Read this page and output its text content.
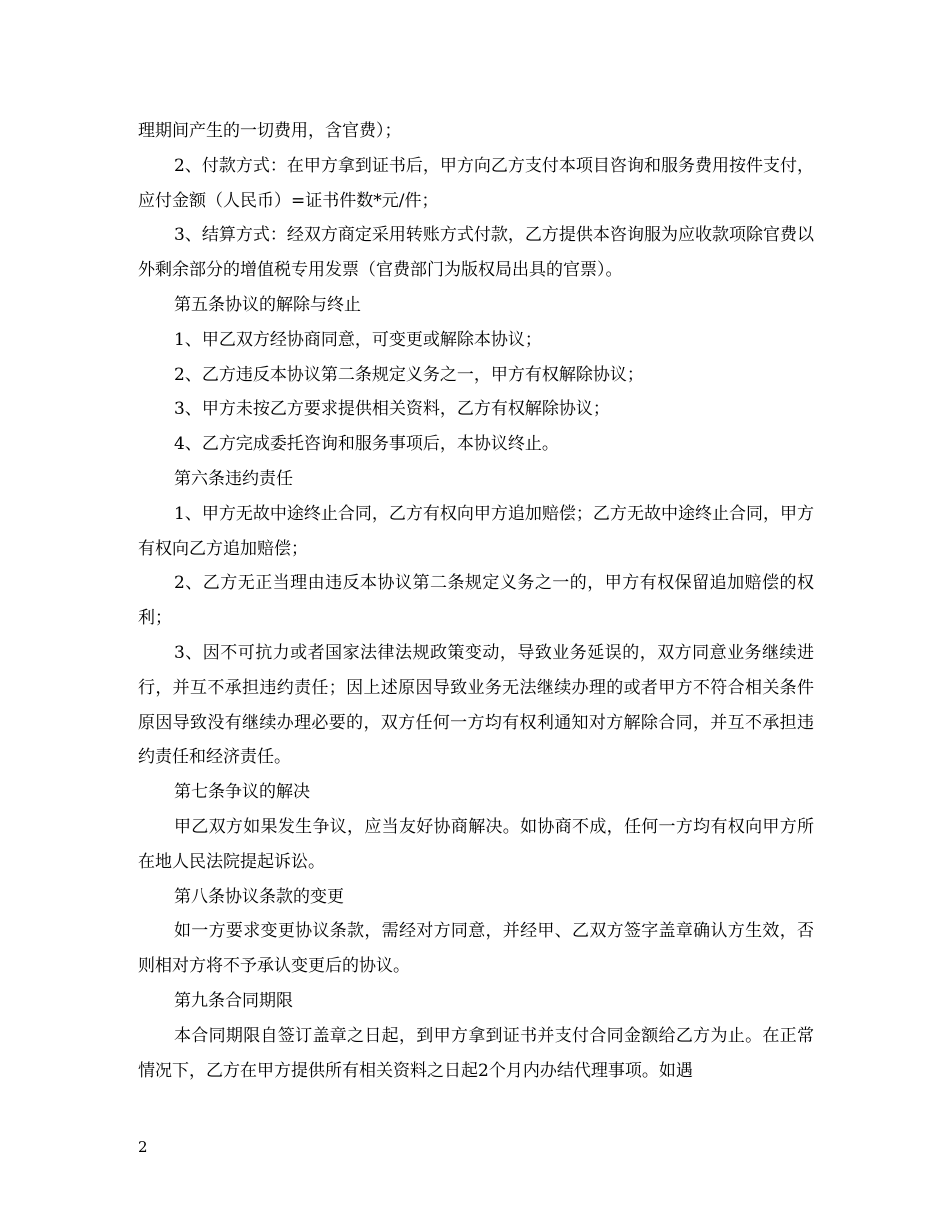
理期间产生的一切费用，含官费）；

2、付款方式：在甲方拿到证书后，甲方向乙方支付本项目咨询和服务费用按件支付，应付金额（人民币）=证书件数*元/件；

3、结算方式：经双方商定采用转账方式付款，乙方提供本咨询服为应收款项除官费以外剩余部分的增值税专用发票（官费部门为版权局出具的官票）。

第五条协议的解除与终止

1、甲乙双方经协商同意，可变更或解除本协议；

2、乙方违反本协议第二条规定义务之一，甲方有权解除协议；

3、甲方未按乙方要求提供相关资料，乙方有权解除协议；

4、乙方完成委托咨询和服务事项后，本协议终止。

第六条违约责任

1、甲方无故中途终止合同，乙方有权向甲方追加赔偿；乙方无故中途终止合同，甲方有权向乙方追加赔偿；

2、乙方无正当理由违反本协议第二条规定义务之一的，甲方有权保留追加赔偿的权利；

3、因不可抗力或者国家法律法规政策变动，导致业务延误的，双方同意业务继续进行，并互不承担违约责任；因上述原因导致业务无法继续办理的或者甲方不符合相关条件原因导致没有继续办理必要的，双方任何一方均有权利通知对方解除合同，并互不承担违约责任和经济责任。

第七条争议的解决

甲乙双方如果发生争议，应当友好协商解决。如协商不成，任何一方均有权向甲方所在地人民法院提起诉讼。

第八条协议条款的变更

如一方要求变更协议条款，需经对方同意，并经甲、乙双方签字盖章确认方生效，否则相对方将不予承认变更后的协议。

第九条合同期限

本合同期限自签订盖章之日起，到甲方拿到证书并支付合同金额给乙方为止。在正常情况下，乙方在甲方提供所有相关资料之日起2个月内办结代理事项。如遇

2
